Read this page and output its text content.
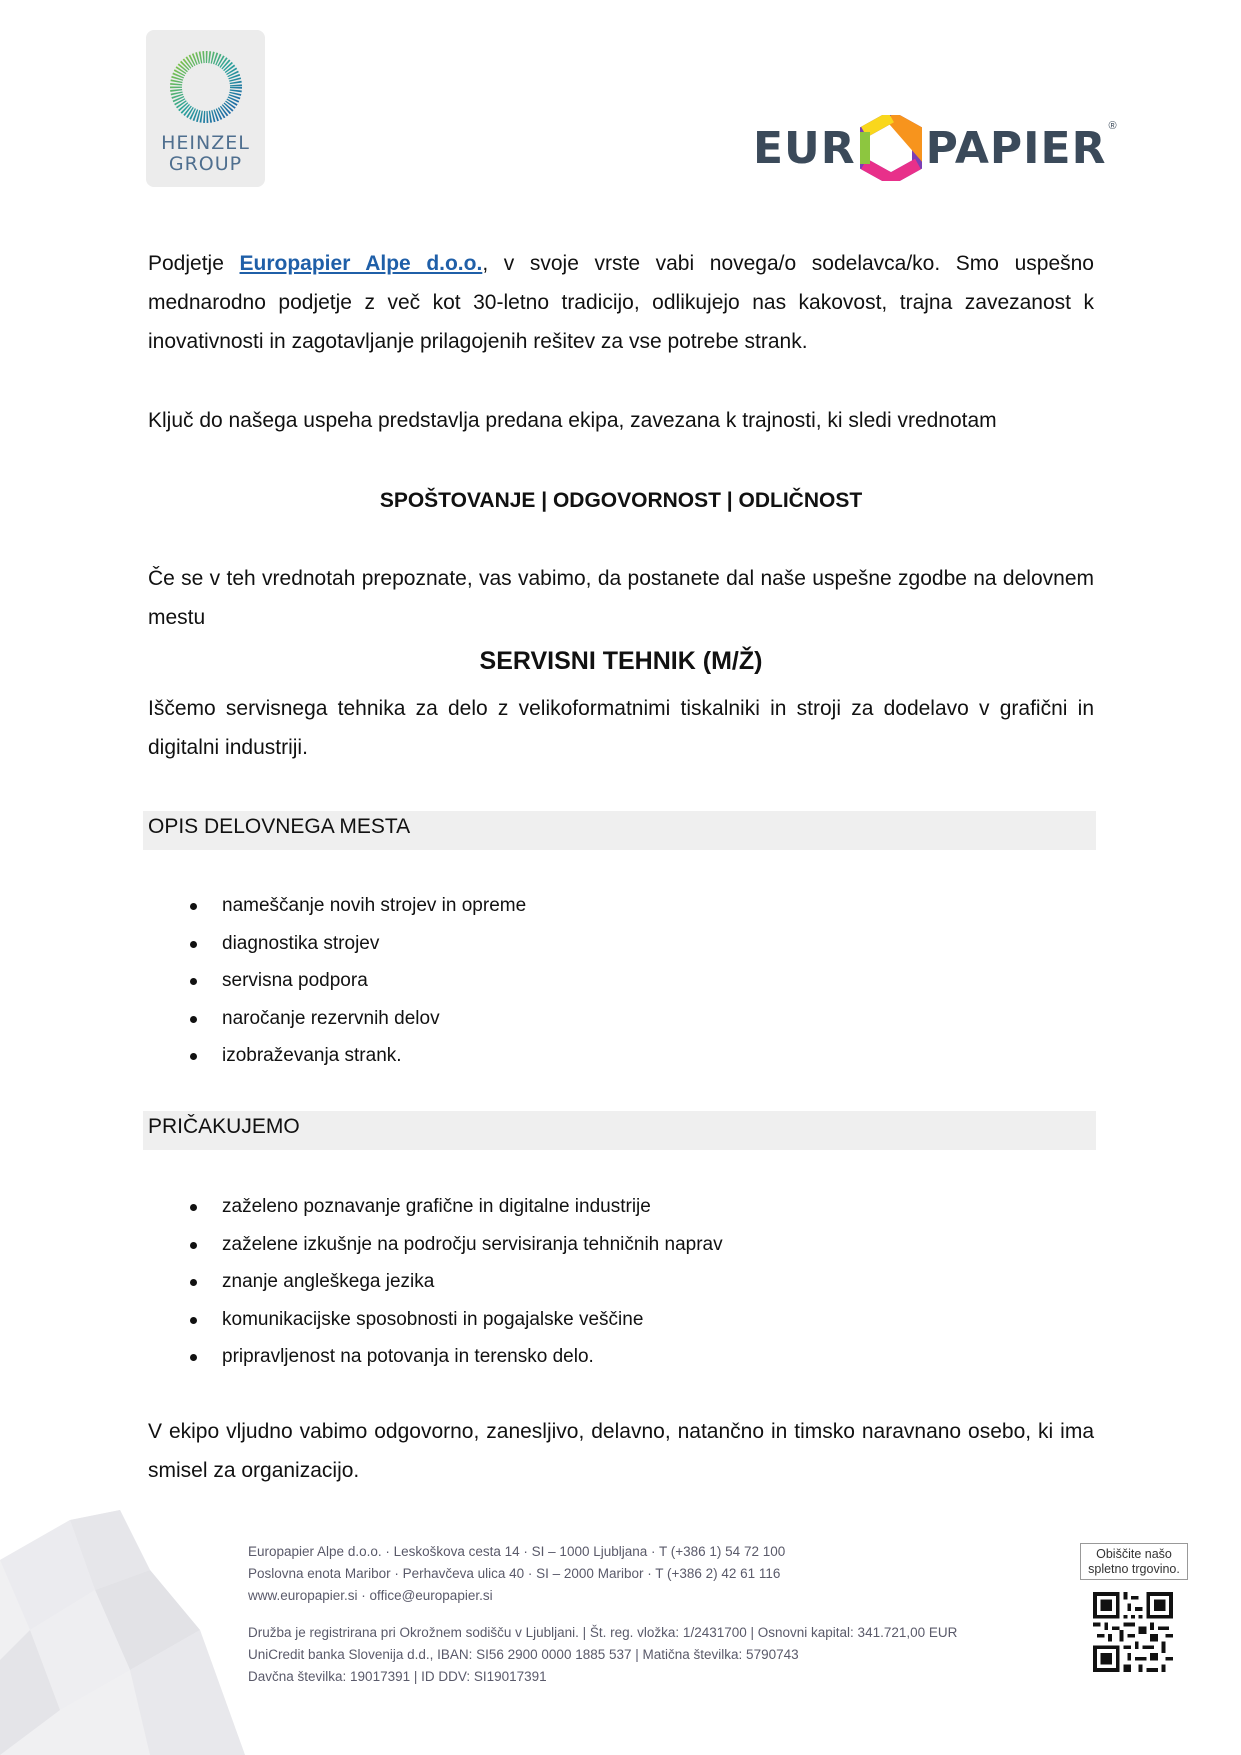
HEINZEL
GROUP	EUR PAPIER ®
Podjetje Europapier Alpe d.o.o., v svoje vrste vabi novega/o sodelavca/ko. Smo uspešno mednarodno podjetje z več kot 30-letno tradicijo, odlikujejo nas kakovost, trajna zavezanost k inovativnosti in zagotavljanje prilagojenih rešitev za vse potrebe strank.
Ključ do našega uspeha predstavlja predana ekipa, zavezana k trajnosti, ki sledi vrednotam
SPOŠTOVANJE | ODGOVORNOST | ODLIČNOST
Če se v teh vrednotah prepoznate, vas vabimo, da postanete dal naše uspešne zgodbe na delovnem mestu
SERVISNI TEHNIK (M/Ž)
Iščemo servisnega tehnika za delo z velikoformatnimi tiskalniki in stroji za dodelavo v grafični in digitalni industriji.
OPIS DELOVNEGA MESTA
nameščanje novih strojev in opreme
diagnostika strojev
servisna podpora
naročanje rezervnih delov
izobraževanja strank.
PRIČAKUJEMO
zaželeno poznavanje grafične in digitalne industrije
zaželene izkušnje na področju servisiranja tehničnih naprav
znanje angleškega jezika
komunikacijske sposobnosti in pogajalske veščine
pripravljenost na potovanja in terensko delo.
V ekipo vljudno vabimo odgovorno, zanesljivo, delavno, natančno in timsko naravnano osebo, ki ima smisel za organizacijo.
Europapier Alpe d.o.o. · Leskoškova cesta 14 · SI – 1000 Ljubljana · T (+386 1) 54 72 100
Poslovna enota Maribor · Perhavčeva ulica 40 · SI – 2000 Maribor · T (+386 2) 42 61 116
www.europapier.si · office@europapier.si
Družba je registrirana pri Okrožnem sodišču v Ljubljani. | Št. reg. vložka: 1/2431700 | Osnovni kapital: 341.721,00 EUR
UniCredit banka Slovenija d.d., IBAN: SI56 2900 0000 1885 537 | Matična številka: 5790743
Davčna številka: 19017391 | ID DDV: SI19017391
Obiščite našo
spletno trgovino.
